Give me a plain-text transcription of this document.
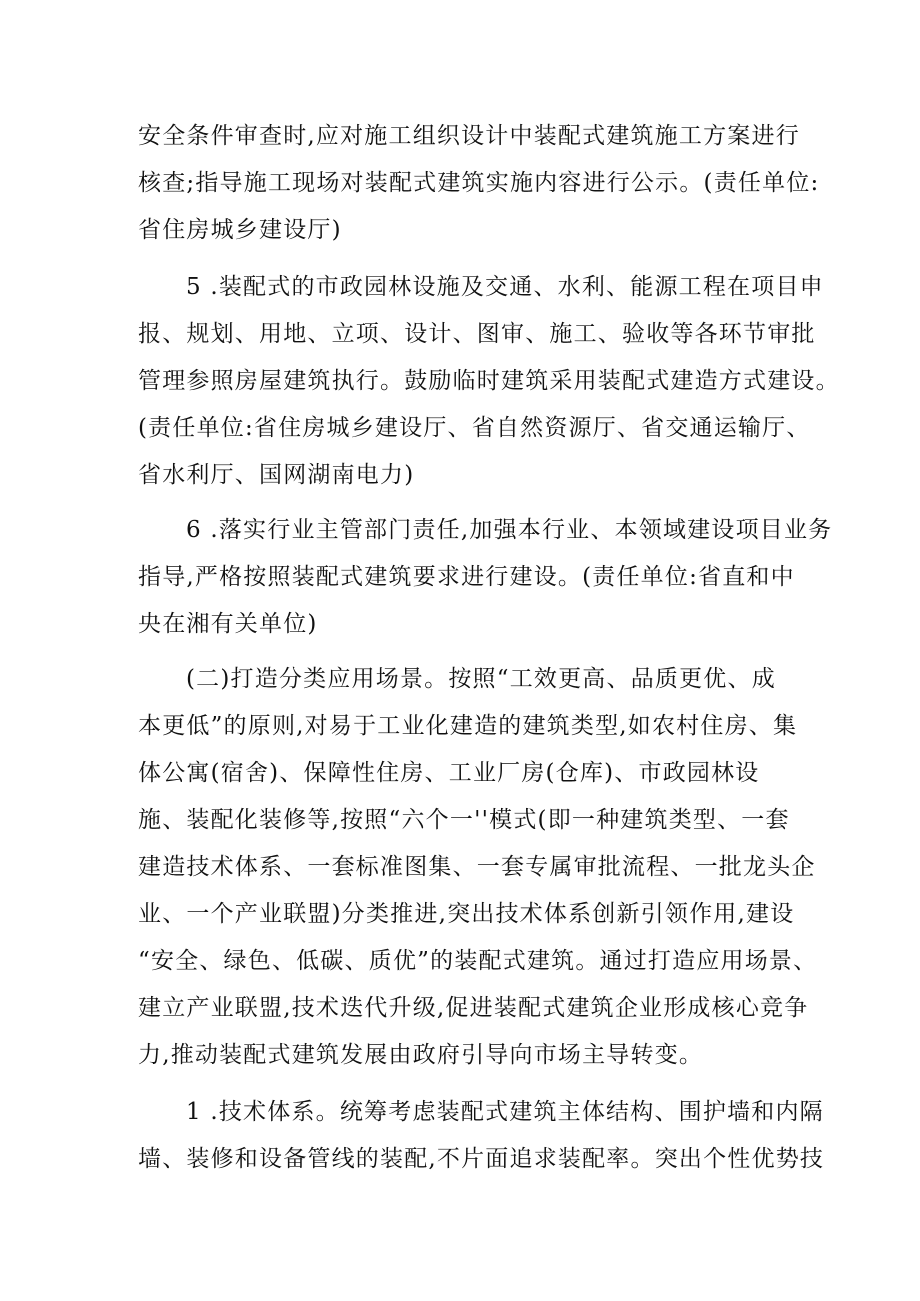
安全条件审查时,应对施工组织设计中装配式建筑施工方案进行
核查;指导施工现场对装配式建筑实施内容进行公示。(责任单位:
省住房城乡建设厅)
5 .装配式的市政园林设施及交通、水利、能源工程在项目申
报、规划、用地、立项、设计、图审、施工、验收等各环节审批
管理参照房屋建筑执行。鼓励临时建筑采用装配式建造方式建设。
(责任单位:省住房城乡建设厅、省自然资源厅、省交通运输厅、
省水利厅、国网湖南电力)
6 .落实行业主管部门责任,加强本行业、本领域建设项目业务
指导,严格按照装配式建筑要求进行建设。(责任单位:省直和中
央在湘有关单位)
(二)打造分类应用场景。按照“工效更高、品质更优、成
本更低”的原则,对易于工业化建造的建筑类型,如农村住房、集
体公寓(宿舍)、保障性住房、工业厂房(仓库)、市政园林设
施、装配化装修等,按照“六个一''模式(即一种建筑类型、一套
建造技术体系、一套标准图集、一套专属审批流程、一批龙头企
业、一个产业联盟)分类推进,突出技术体系创新引领作用,建设
“安全、绿色、低碳、质优”的装配式建筑。通过打造应用场景、
建立产业联盟,技术迭代升级,促进装配式建筑企业形成核心竞争
力,推动装配式建筑发展由政府引导向市场主导转变。
1 .技术体系。统筹考虑装配式建筑主体结构、围护墙和内隔
墙、装修和设备管线的装配,不片面追求装配率。突出个性优势技
